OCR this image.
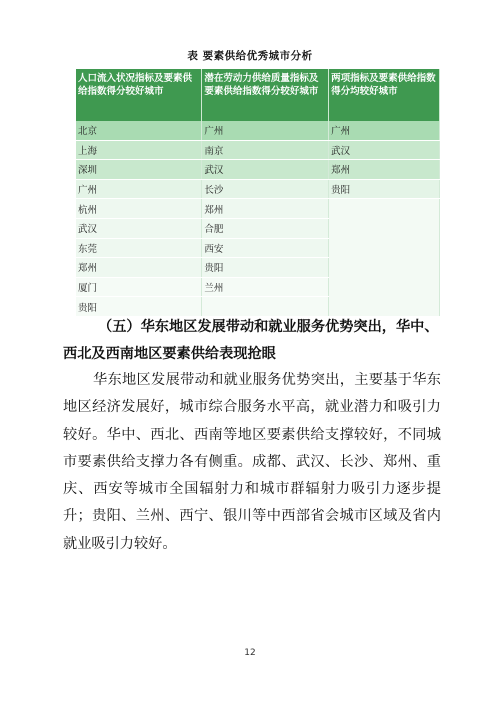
表 要素供给优秀城市分析
人口流入状况指标及要素供给指数得分较好城市	潜在劳动力供给质量指标及要素供给指数得分较好城市	两项指标及要素供给指数得分均较好城市
北京	广州	广州
上海	南京	武汉
深圳	武汉	郑州
广州	长沙	贵阳
杭州	郑州	
武汉	合肥	
东莞	西安	
郑州	贵阳	
厦门	兰州	
贵阳		
（五）华东地区发展带动和就业服务优势突出，华中、西北及西南地区要素供给表现抢眼

华东地区发展带动和就业服务优势突出，主要基于华东地区经济发展好，城市综合服务水平高，就业潜力和吸引力较好。华中、西北、西南等地区要素供给支撑较好，不同城市要素供给支撑力各有侧重。成都、武汉、长沙、郑州、重庆、西安等城市全国辐射力和城市群辐射力吸引力逐步提升；贵阳、兰州、西宁、银川等中西部省会城市区域及省内就业吸引力较好。

12
